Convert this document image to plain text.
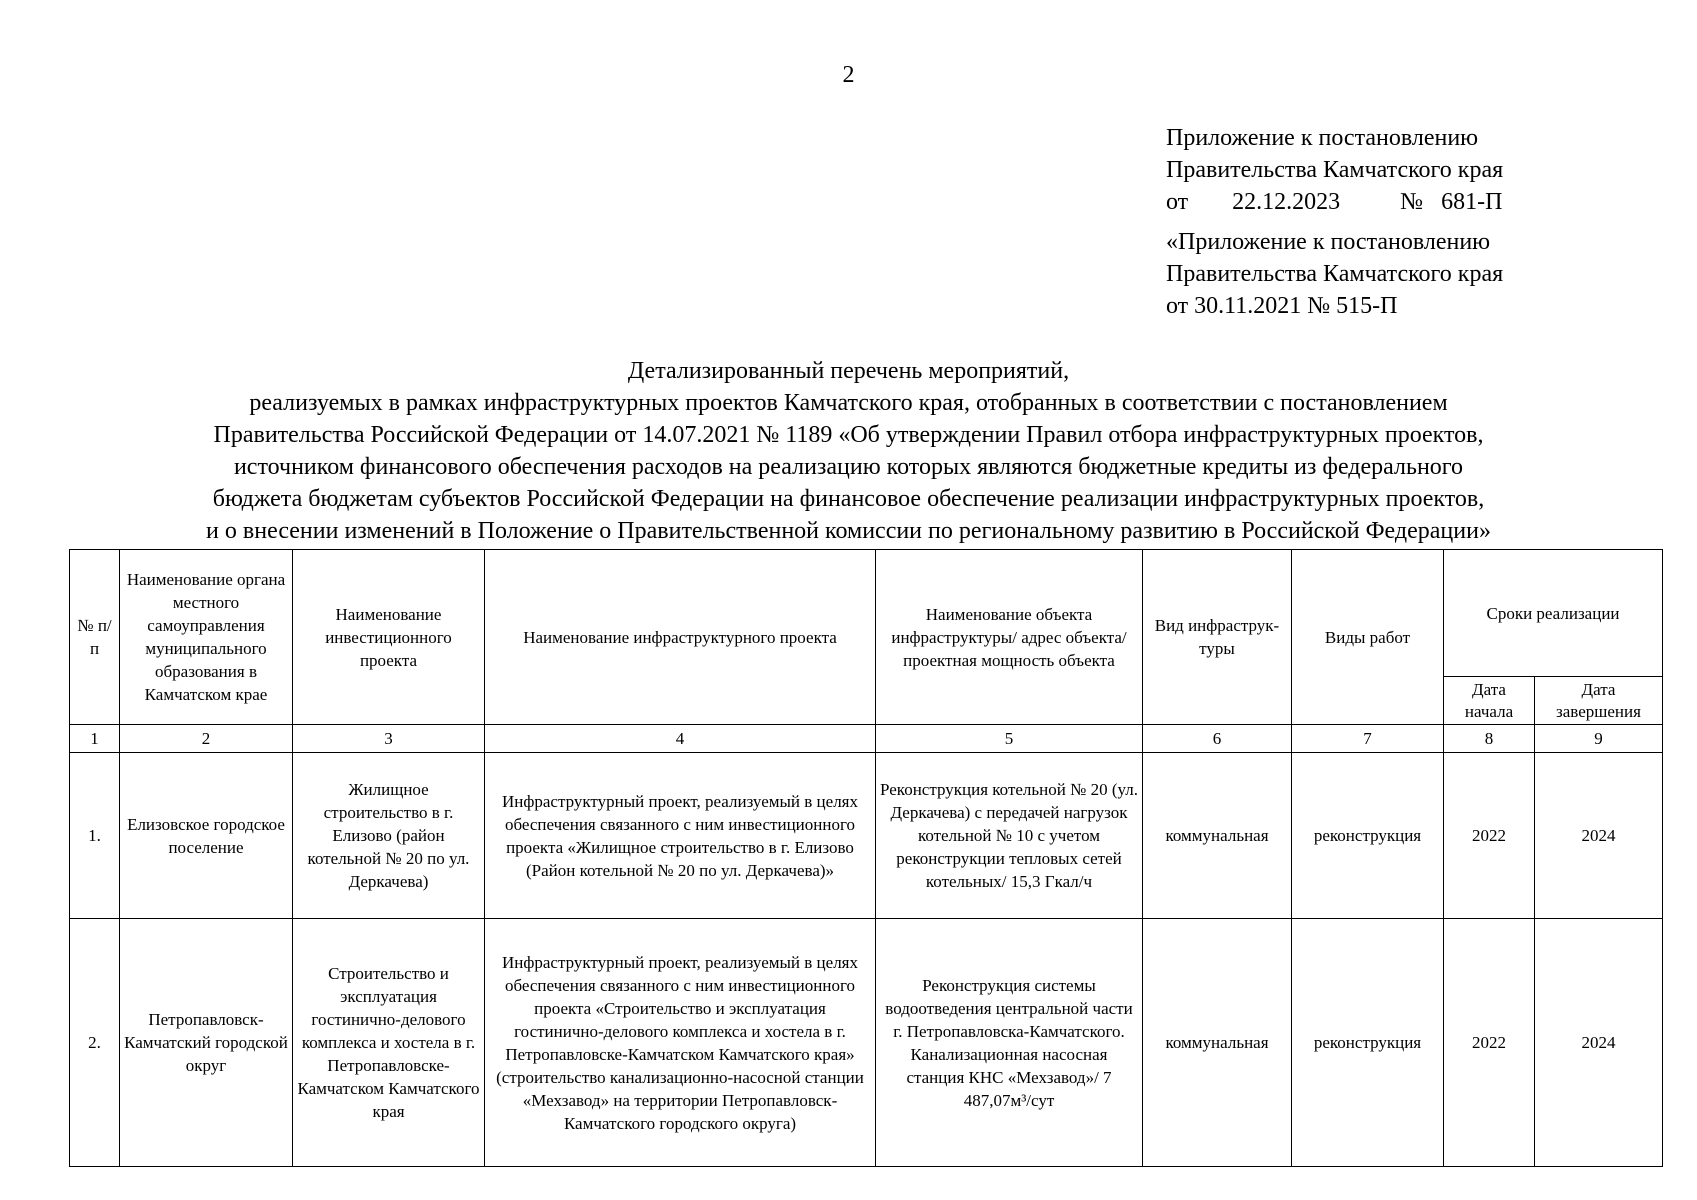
2
Приложение к постановлению
Правительства Камчатского края
от 22.12.2023	№ 681-П
«Приложение к постановлению
Правительства Камчатского края
от 30.11.2021 № 515-П
Детализированный перечень мероприятий,
реализуемых в рамках инфраструктурных проектов Камчатского края, отобранных в соответствии с постановлением
Правительства Российской Федерации от 14.07.2021 № 1189 «Об утверждении Правил отбора инфраструктурных проектов,
источником финансового обеспечения расходов на реализацию которых являются бюджетные кредиты из федерального
бюджета бюджетам субъектов Российской Федерации на финансовое обеспечение реализации инфраструктурных проектов,
и о внесении изменений в Положение о Правительственной комиссии по региональному развитию в Российской Федерации»
№ п/п	Наименование органа местного самоуправления муниципального образования в Камчатском крае	Наименование инвестиционного проекта	Наименование инфраструктурного проекта	Наименование объекта инфраструктуры/ адрес объекта/ проектная мощность объекта	Вид инфраструк-туры	Виды работ	Сроки реализации	
							Дата начала	Дата завершения
1	2	3	4	5	6	7	8	9
1.	Елизовское городское поселение	Жилищное строительство в г. Елизово (район котельной № 20 по ул. Деркачева)	Инфраструктурный проект, реализуемый в целях обеспечения связанного с ним инвестиционного проекта «Жилищное строительство в г. Елизово (Район котельной № 20 по ул. Деркачева)»	Реконструкция котельной № 20 (ул. Деркачева) с передачей нагрузок котельной № 10 с учетом реконструкции тепловых сетей котельных/ 15,3 Гкал/ч	коммунальная	реконструкция	2022	2024
2.	Петропавловск-Камчатский городской округ	Строительство и эксплуатация гостинично-делового комплекса и хостела в г. Петропавловске-Камчатском Камчатского края	Инфраструктурный проект, реализуемый в целях обеспечения связанного с ним инвестиционного проекта «Строительство и эксплуатация гостинично-делового комплекса и хостела в г. Петропавловске-Камчатском Камчатского края» (строительство канализационно-насосной станции «Мехзавод» на территории Петропавловск-Камчатского городского округа)	Реконструкция системы водоотведения центральной части г. Петропавловска-Камчатского. Канализационная насосная станция КНС «Мехзавод»/ 7 487,07м³/сут	коммунальная	реконструкция	2022	2024
